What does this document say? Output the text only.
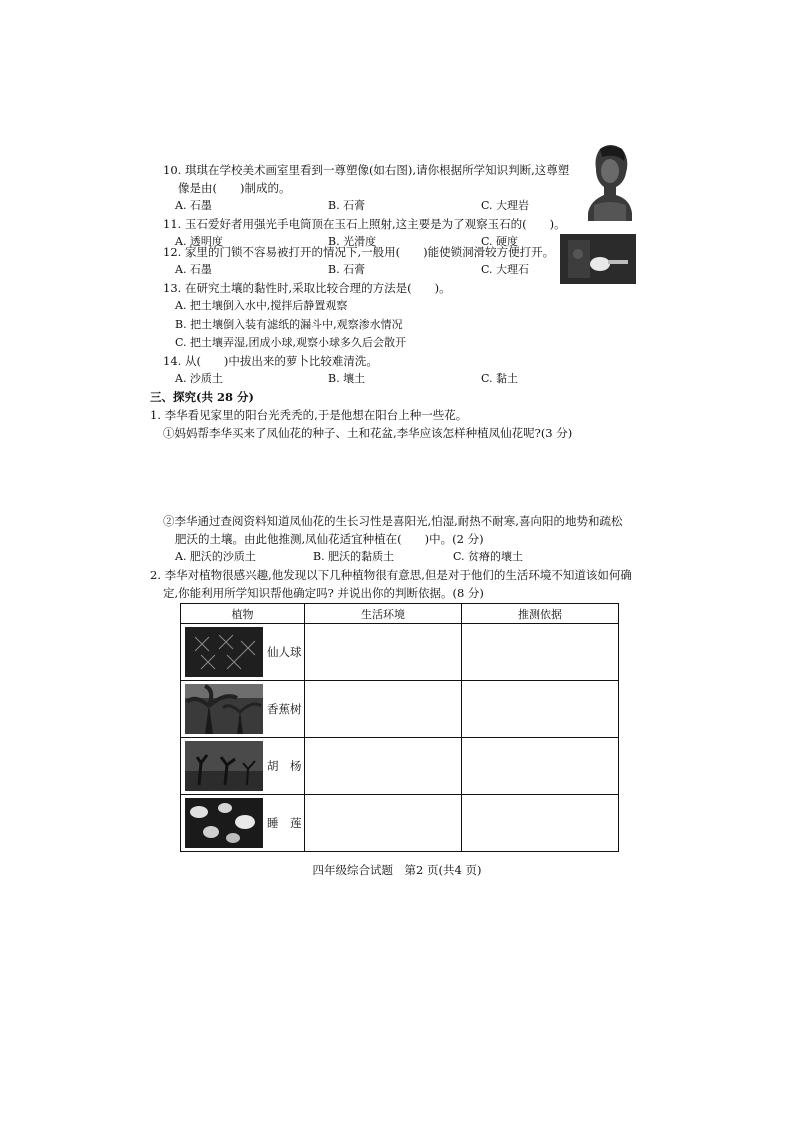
10. 琪琪在学校美术画室里看到一尊塑像(如右图),请你根据所学知识判断,这尊塑
像是由(　　)制成的。
A. 石墨	B. 石膏	C. 大理岩
11. 玉石爱好者用强光手电筒顶在玉石上照射,这主要是为了观察玉石的(　　)。
A. 透明度	B. 光滑度	C. 硬度
12. 家里的门锁不容易被打开的情况下,一般用(　　)能使锁洞滑较方便打开。
A. 石墨	B. 石膏	C. 大理石
13. 在研究土壤的黏性时,采取比较合理的方法是(　　)。
A. 把土壤倒入水中,搅拌后静置观察
B. 把土壤倒入装有滤纸的漏斗中,观察渗水情况
C. 把土壤弄湿,团成小球,观察小球多久后会散开
14. 从(　　)中拔出来的萝卜比较难清洗。
A. 沙质土	B. 壤土	C. 黏土
三、探究(共 28 分)
1. 李华看见家里的阳台光秃秃的,于是他想在阳台上种一些花。
①妈妈帮李华买来了凤仙花的种子、土和花盆,李华应该怎样种植凤仙花呢?(3 分)
②李华通过查阅资料知道凤仙花的生长习性是喜阳光,怕湿,耐热不耐寒,喜向阳的地势和疏松
肥沃的土壤。由此他推测,凤仙花适宜种植在(　　)中。(2 分)
A. 肥沃的沙质土	B. 肥沃的黏质土	C. 贫瘠的壤土
2. 李华对植物很感兴趣,他发现以下几种植物很有意思,但是对于他们的生活环境不知道该如何确
定,你能利用所学知识帮他确定吗? 并说出你的判断依据。(8 分)
植物	生活环境	推测依据

仙人球		

香蕉树		

胡　杨		

睡　莲		

四年级综合试题　第2 页(共4 页)
